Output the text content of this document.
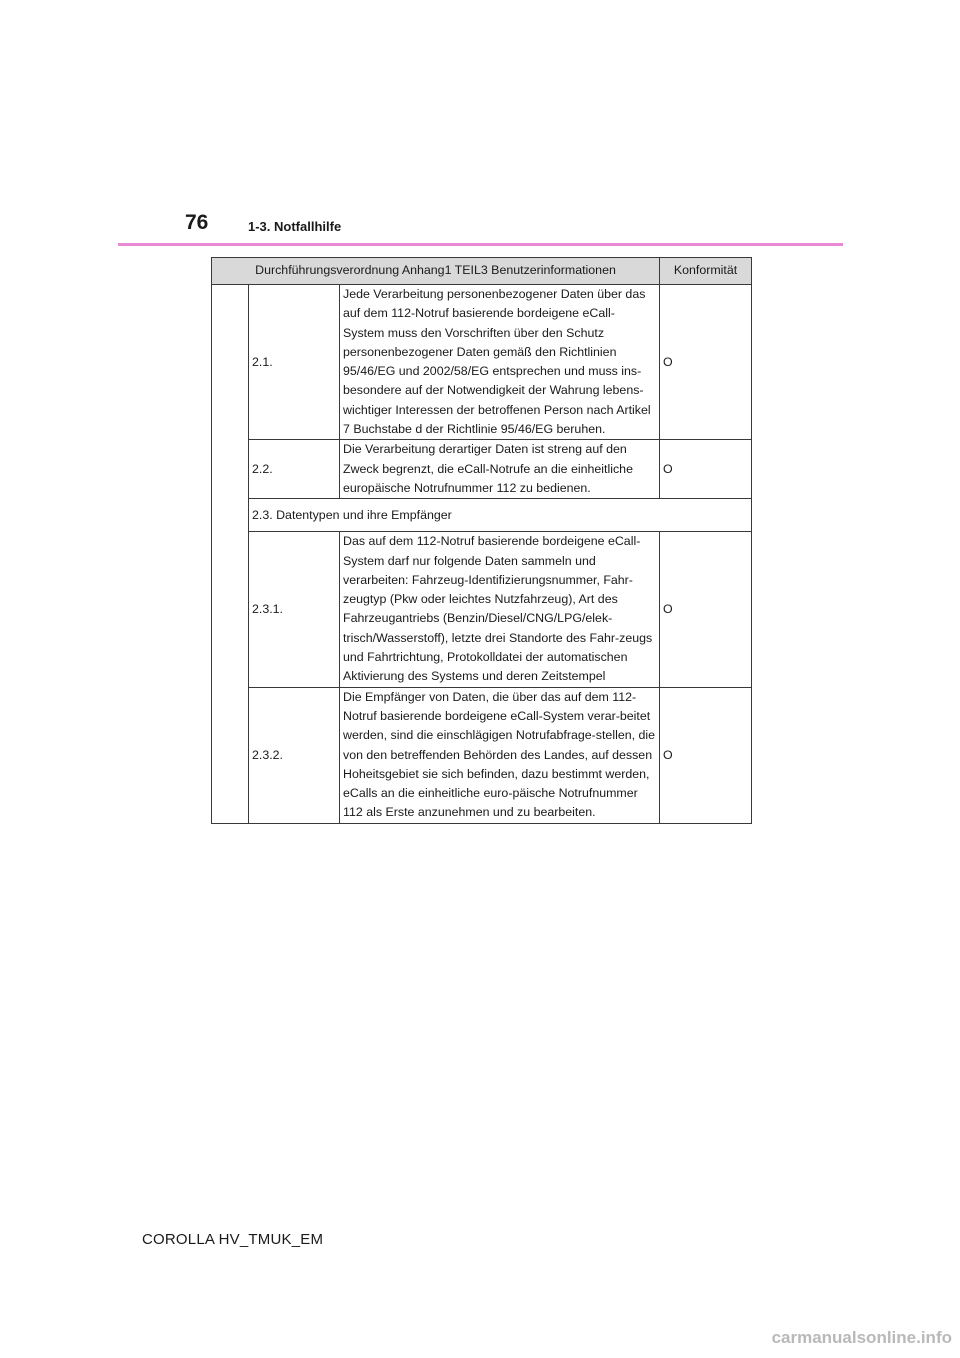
76	1-3. Notfallhilfe
Durchführungsverordnung Anhang1 TEIL3 Benutzerinformationen			Konformität
	2.1.	Jede Verarbeitung personenbezogener Daten über das auf dem 112-Notruf basierende bordeigene eCall-System muss den Vorschriften über den Schutz personenbezogener Daten gemäß den Richtlinien 95/46/EG und 2002/58/EG entsprechen und muss ins-besondere auf der Notwendigkeit der Wahrung lebens-wichtiger Interessen der betroffenen Person nach Artikel 7 Buchstabe d der Richtlinie 95/46/EG beruhen.	O
	2.2.	Die Verarbeitung derartiger Daten ist streng auf den Zweck begrenzt, die eCall-Notrufe an die einheitliche europäische Notrufnummer 112 zu bedienen.	O
	2.3. Datentypen und ihre Empfänger		
	2.3.1.	Das auf dem 112-Notruf basierende bordeigene eCall-System darf nur folgende Daten sammeln und verarbeiten: Fahrzeug-Identifizierungsnummer, Fahr-zeugtyp (Pkw oder leichtes Nutzfahrzeug), Art des Fahrzeugantriebs (Benzin/Diesel/CNG/LPG/elek-trisch/Wasserstoff), letzte drei Standorte des Fahr-zeugs und Fahrtrichtung, Protokolldatei der automatischen Aktivierung des Systems und deren Zeitstempel	O
	2.3.2.	Die Empfänger von Daten, die über das auf dem 112-Notruf basierende bordeigene eCall-System verar-beitet werden, sind die einschlägigen Notrufabfrage-stellen, die von den betreffenden Behörden des Landes, auf dessen Hoheitsgebiet sie sich befinden, dazu bestimmt werden, eCalls an die einheitliche euro-päische Notrufnummer 112 als Erste anzunehmen und zu bearbeiten.	O
COROLLA HV_TMUK_EM
carmanualsonline.info
